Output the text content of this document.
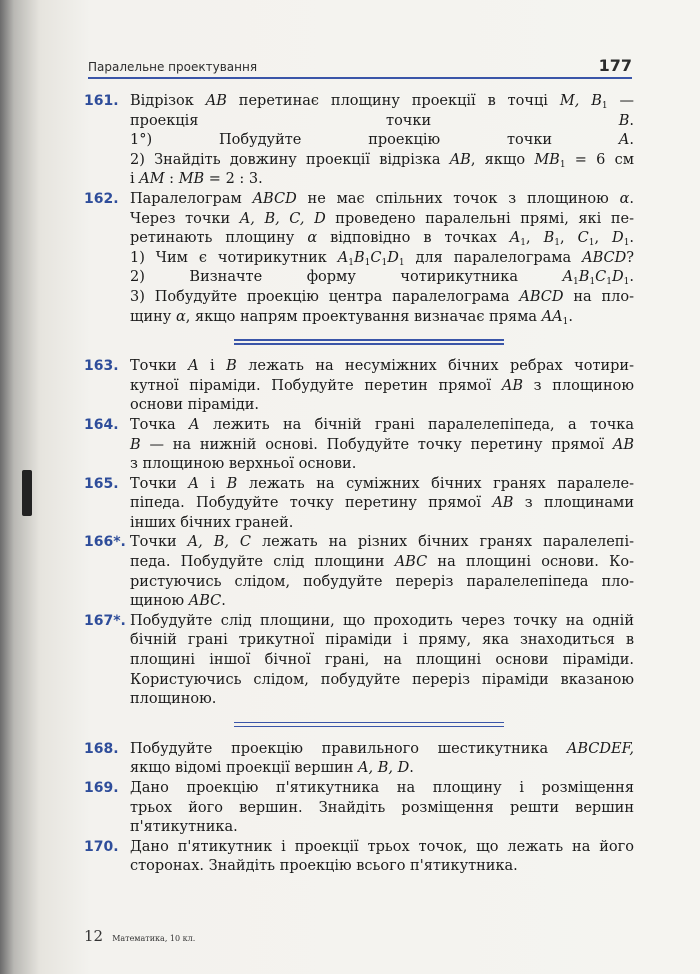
Паралельне проектування	177
161. Відрізок AB перетинає площину проекції в точці M, $B_1$ —
проекція точки B.
1°) Побудуйте проекцію точки A.
2) Знайдіть довжину проекції відрізка AB, якщо $MB_1 = 6$ см
і AM : MB = 2 : 3.
162. Паралелограм ABCD не має спільних точок з площиною α.
Через точки A, B, C, D проведено паралельні прямі, які пе-
ретинають площину α відповідно в точках $A_1$, $B_1$, $C_1$, $D_1$.
1) Чим є чотирикутник $A_1B_1C_1D_1$ для паралелограма ABCD?
2) Визначте форму чотирикутника $A_1B_1C_1D_1$.
3) Побудуйте проекцію центра паралелограма ABCD на пло-
щину α, якщо напрям проектування визначає пряма $AA_1$.
163. Точки A і B лежать на несуміжних бічних ребрах чотири-
кутної піраміди. Побудуйте перетин прямої AB з площиною
основи піраміди.
164. Точка A лежить на бічній грані паралелепіпеда, а точка
B — на нижній основі. Побудуйте точку перетину прямої AB
з площиною верхньої основи.
165. Точки A і B лежать на суміжних бічних гранях паралеле-
піпеда. Побудуйте точку перетину прямої AB з площинами
інших бічних граней.
166*. Точки A, B, C лежать на різних бічних гранях паралелепі-
педа. Побудуйте слід площини ABC на площині основи. Ко-
ристуючись слідом, побудуйте переріз паралелепіпеда пло-
щиною ABC.
167*. Побудуйте слід площини, що проходить через точку на одній
бічній грані трикутної піраміди і пряму, яка знаходиться в
площині іншої бічної грані, на площині основи піраміди.
Користуючись слідом, побудуйте переріз піраміди вказаною
площиною.
168. Побудуйте проекцію правильного шестикутника ABCDEF,
якщо відомі проекції вершин A, B, D.
169. Дано проекцію п'ятикутника на площину і розміщення
трьох його вершин. Знайдіть розміщення решти вершин
п'ятикутника.
170. Дано п'ятикутник і проекції трьох точок, що лежать на його
сторонах. Знайдіть проекцію всього п'ятикутника.
12 Математика, 10 кл.
